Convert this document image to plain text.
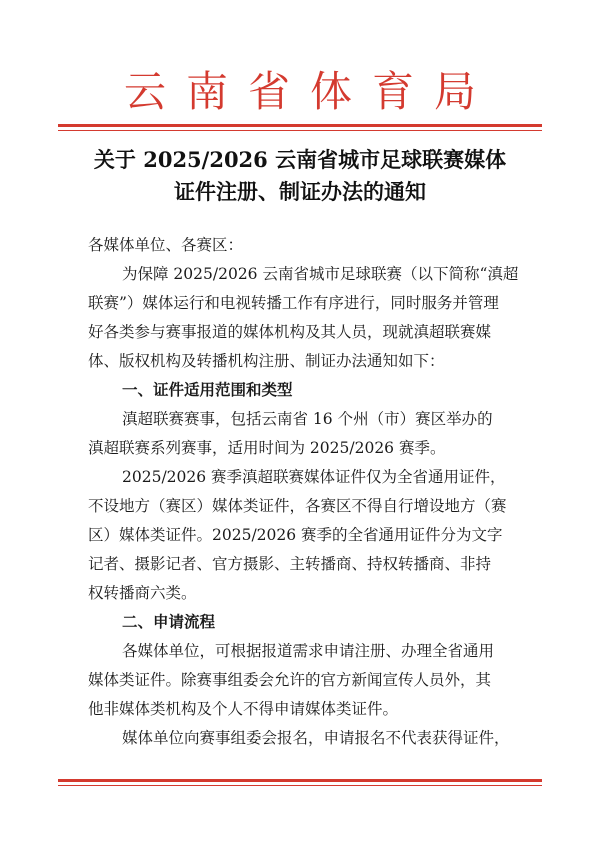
云南省体育局
关于 2025/2026 云南省城市足球联赛媒体
证件注册、制证办法的通知
各媒体单位、各赛区：
为保障 2025/2026 云南省城市足球联赛（以下简称“滇超
联赛”）媒体运行和电视转播工作有序进行，同时服务并管理
好各类参与赛事报道的媒体机构及其人员，现就滇超联赛媒
体、版权机构及转播机构注册、制证办法通知如下：
一、证件适用范围和类型
滇超联赛赛事，包括云南省 16 个州（市）赛区举办的
滇超联赛系列赛事，适用时间为 2025/2026 赛季。
2025/2026 赛季滇超联赛媒体证件仅为全省通用证件，
不设地方（赛区）媒体类证件，各赛区不得自行增设地方（赛
区）媒体类证件。2025/2026 赛季的全省通用证件分为文字
记者、摄影记者、官方摄影、主转播商、持权转播商、非持
权转播商六类。
二、申请流程
各媒体单位，可根据报道需求申请注册、办理全省通用
媒体类证件。除赛事组委会允许的官方新闻宣传人员外，其
他非媒体类机构及个人不得申请媒体类证件。
媒体单位向赛事组委会报名，申请报名不代表获得证件，
